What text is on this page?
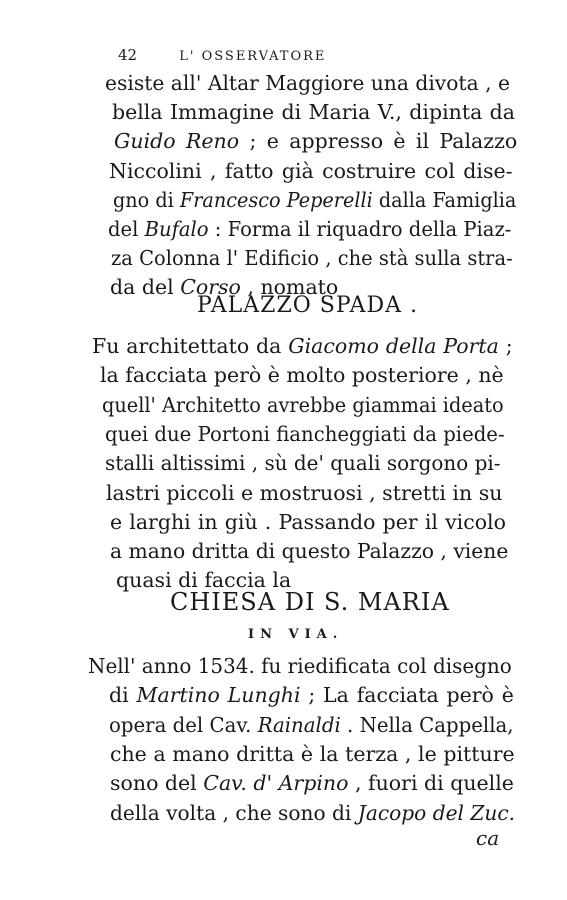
42	L' OSSERVATORE
esiste all' Altar Maggiore una divota , e
bella Immagine di Maria V., dipinta da
Guido Reno ; e appresso è il Palazzo
Niccolini , fatto già costruire col dise-
gno di Francesco Peperelli dalla Famiglia
del Bufalo : Forma il riquadro della Piaz-
za Colonna l' Edificio , che stà sulla stra-
da del Corso , nomato
PALAZZO SPADA .
Fu architettato da Giacomo della Porta ;
la facciata però è molto posteriore , nè
quell' Architetto avrebbe giammai ideato
quei due Portoni fiancheggiati da piede-
stalli altissimi , sù de' quali sorgono pi-
lastri piccoli e mostruosi , stretti in su
e larghi in giù . Passando per il vicolo
a mano dritta di questo Palazzo , viene
quasi di faccia la
CHIESA DI S. MARIA
IN VIA.
Nell' anno 1534. fu riedificata col disegno
di Martino Lunghi ; La facciata però è
opera del Cav. Rainaldi . Nella Cappella,
che a mano dritta è la terza , le pitture
sono del Cav. d' Arpino , fuori di quelle
della volta , che sono di Jacopo del Zuc.
ca
